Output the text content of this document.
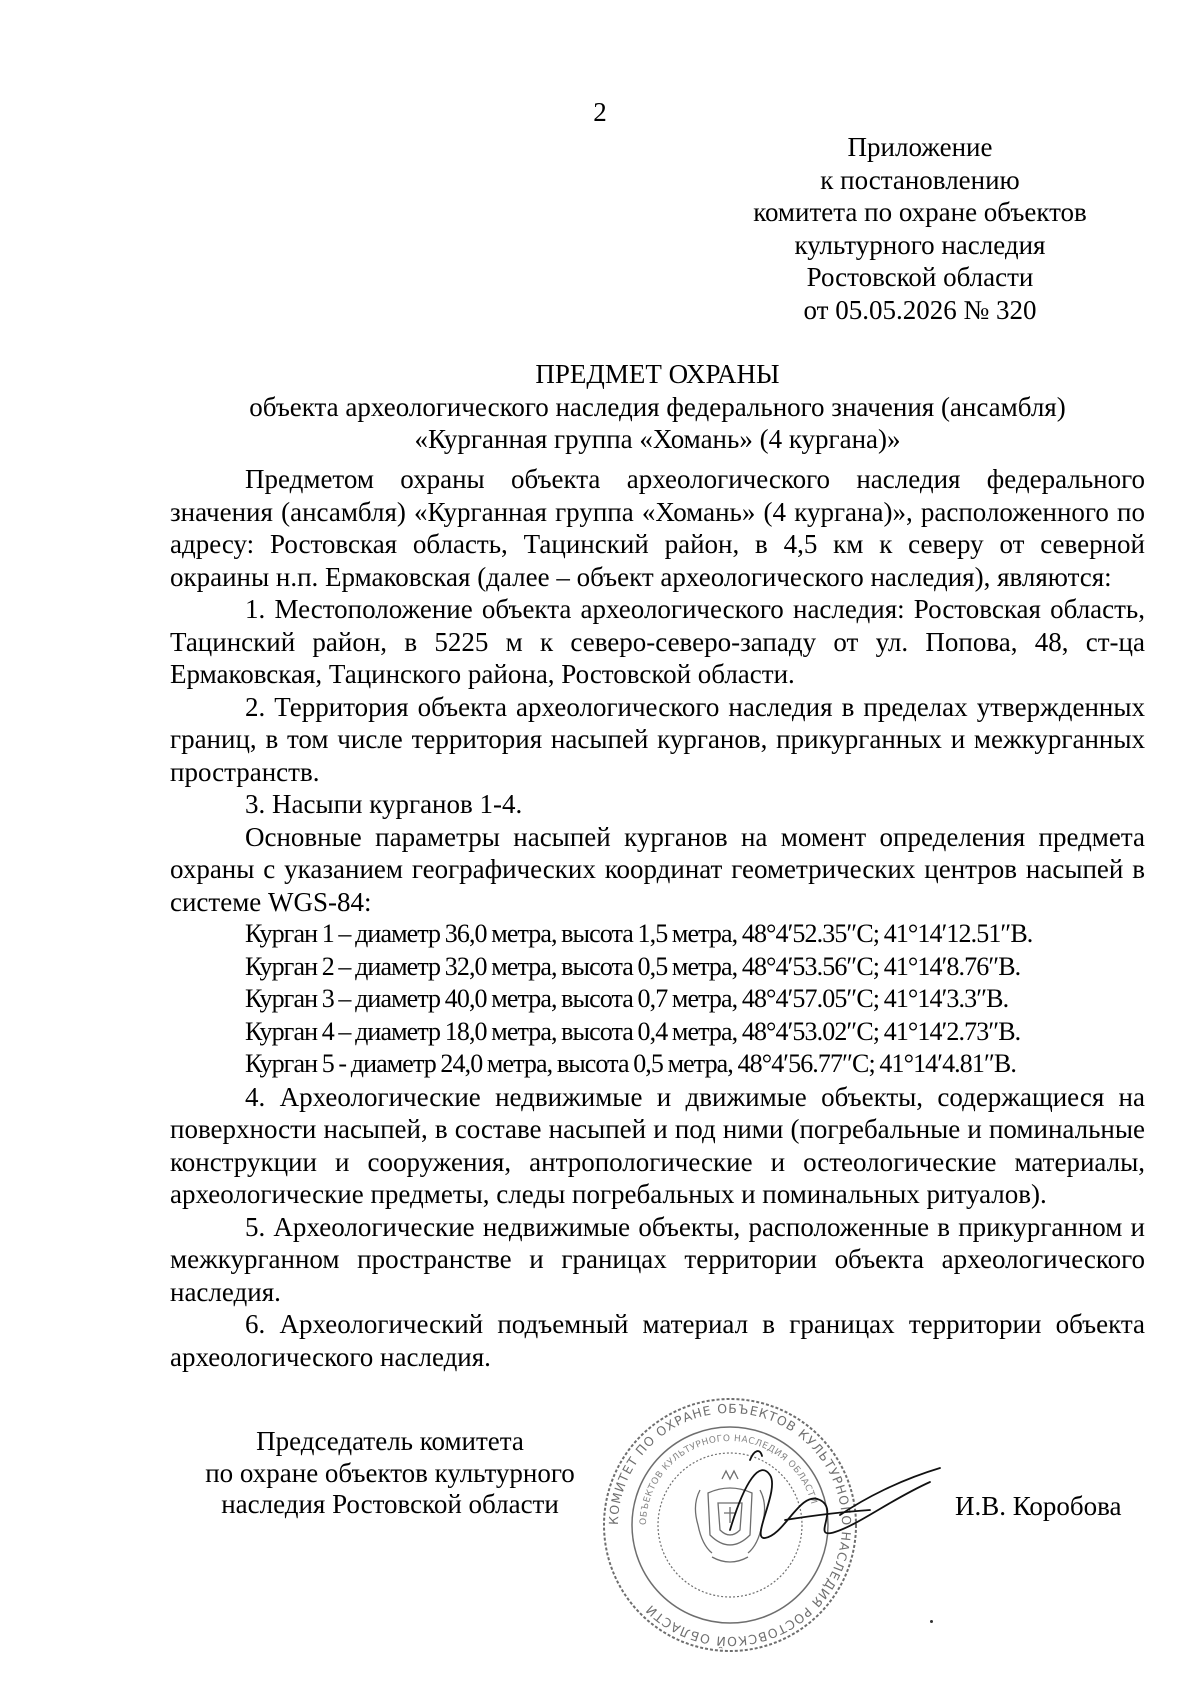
2
Приложение
к постановлению
комитета по охране объектов
культурного наследия
Ростовской области
от 05.05.2026 № 320
ПРЕДМЕТ ОХРАНЫ
объекта археологического наследия федерального значения (ансамбля)
«Курганная группа «Хомань» (4 кургана)»

Предметом охраны объекта археологического наследия федерального значения (ансамбля) «Курганная группа «Хомань» (4 кургана)», расположенного по адресу: Ростовская область, Тацинский район, в 4,5 км к северу от северной окраины н.п. Ермаковская (далее – объект археологического наследия), являются:

1. Местоположение объекта археологического наследия: Ростовская область, Тацинский район, в 5225 м к северо-северо-западу от ул. Попова, 48, ст-ца Ермаковская, Тацинского района, Ростовской области.

2. Территория объекта археологического наследия в пределах утвержденных границ, в том числе территория насыпей курганов, прикурганных и межкурганных пространств.

3. Насыпи курганов 1-4.

Основные параметры насыпей курганов на момент определения предмета охраны с указанием географических координат геометрических центров насыпей в системе WGS-84:

Курган 1 – диаметр 36,0 метра, высота 1,5 метра, 48°4′52.35″С; 41°14′12.51″В.

Курган 2 – диаметр 32,0 метра, высота 0,5 метра, 48°4′53.56″С; 41°14′8.76″В.

Курган 3 – диаметр 40,0 метра, высота 0,7 метра, 48°4′57.05″С; 41°14′3.3″В.

Курган 4 – диаметр 18,0 метра, высота 0,4 метра, 48°4′53.02″С; 41°14′2.73″В.

Курган 5 - диаметр 24,0 метра, высота 0,5 метра, 48°4′56.77″С; 41°14′4.81″В.

4. Археологические недвижимые и движимые объекты, содержащиеся на поверхности насыпей, в составе насыпей и под ними (погребальные и поминальные конструкции и сооружения, антропологические и остеологические материалы, археологические предметы, следы погребальных и поминальных ритуалов).

5. Археологические недвижимые объекты, расположенные в прикурганном и межкурганном пространстве и границах территории объекта археологического наследия.

6. Археологический подъемный материал в границах территории объекта археологического наследия.

Председатель комитета
по охране объектов культурного
наследия Ростовской области
КОМИТЕТ ПО ОХРАНЕ ОБЪЕКТОВ КУЛЬТУРНОГО НАСЛЕДИЯ РОСТОВСКОЙ ОБЛАСТИ
ОБЪЕКТОВ КУЛЬТУРНОГО НАСЛЕДИЯ ОБЛАСТИ	И.В. Коробова
